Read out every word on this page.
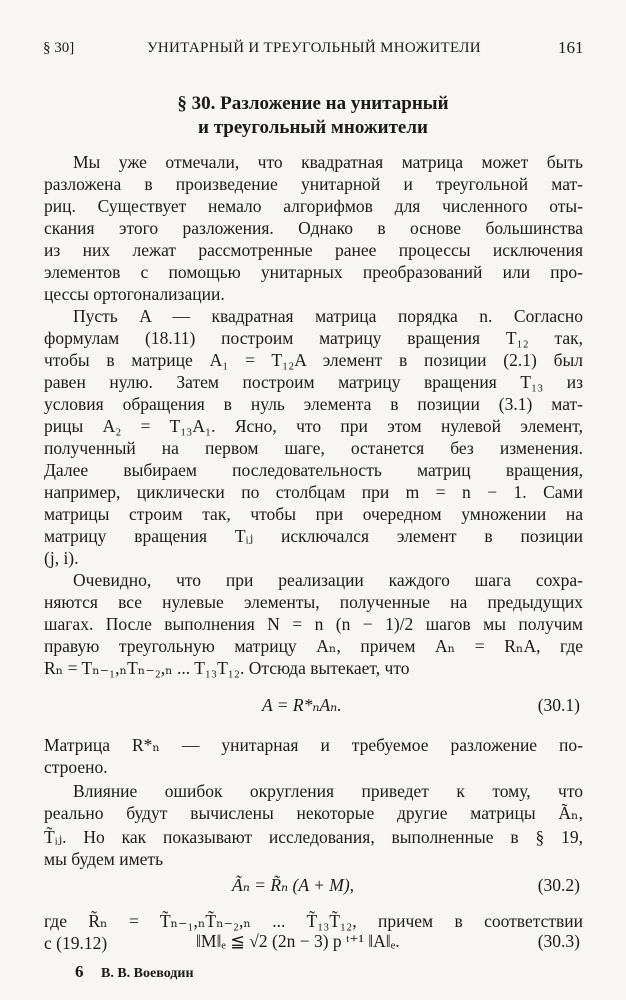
§ 30]	УНИТАРНЫЙ И ТРЕУГОЛЬНЫЙ МНОЖИТЕЛИ	161
§ 30. Разложение на унитарный
и треугольный множители
Мы уже отмечали, что квадратная матрица может быть
разложена в произведение унитарной и треугольной мат-
риц. Существует немало алгорифмов для численного оты-
скания этого разложения. Однако в основе большинства
из них лежат рассмотренные ранее процессы исключения
элементов с помощью унитарных преобразований или про-
цессы ортогонализации.
Пусть A — квадратная матрица порядка n. Согласно
формулам (18.11) построим матрицу вращения T₁₂ так,
чтобы в матрице A₁ = T₁₂A элемент в позиции (2.1) был
равен нулю. Затем построим матрицу вращения T₁₃ из
условия обращения в нуль элемента в позиции (3.1) мат-
рицы A₂ = T₁₃A₁. Ясно, что при этом нулевой элемент,
полученный на первом шаге, останется без изменения.
Далее выбираем последовательность матриц вращения,
например, циклически по столбцам при m = n − 1. Сами
матрицы строим так, чтобы при очередном умножении на
матрицу вращения Tᵢⱼ исключался элемент в позиции
(j, i).
Очевидно, что при реализации каждого шага сохра-
няются все нулевые элементы, полученные на предыдущих
шагах. После выполнения N = n (n − 1)/2 шагов мы получим
правую треугольную матрицу Aₙ, причем Aₙ = RₙA, где
Rₙ = Tₙ₋₁,ₙTₙ₋₂,ₙ ... T₁₃T₁₂. Отсюда вытекает, что
A = R*ₙAₙ.	(30.1)
Матрица R*ₙ — унитарная и требуемое разложение по-
строено.
Влияние ошибок округления приведет к тому, что
реально будут вычислены некоторые другие матрицы Ãₙ,
T̃ᵢⱼ. Но как показывают исследования, выполненные в § 19,
мы будем иметь
Ãₙ = R̃ₙ (A + M),	(30.2)
где R̃ₙ = T̃ₙ₋₁,ₙT̃ₙ₋₂,ₙ ... T̃₁₃T̃₁₂, причем в соответствии
с (19.12)	‖M‖ₑ ≦ √2 (2n − 3) p ᵗ⁺¹ ‖A‖ₑ.	(30.3)
6 В. В. Воеводин
